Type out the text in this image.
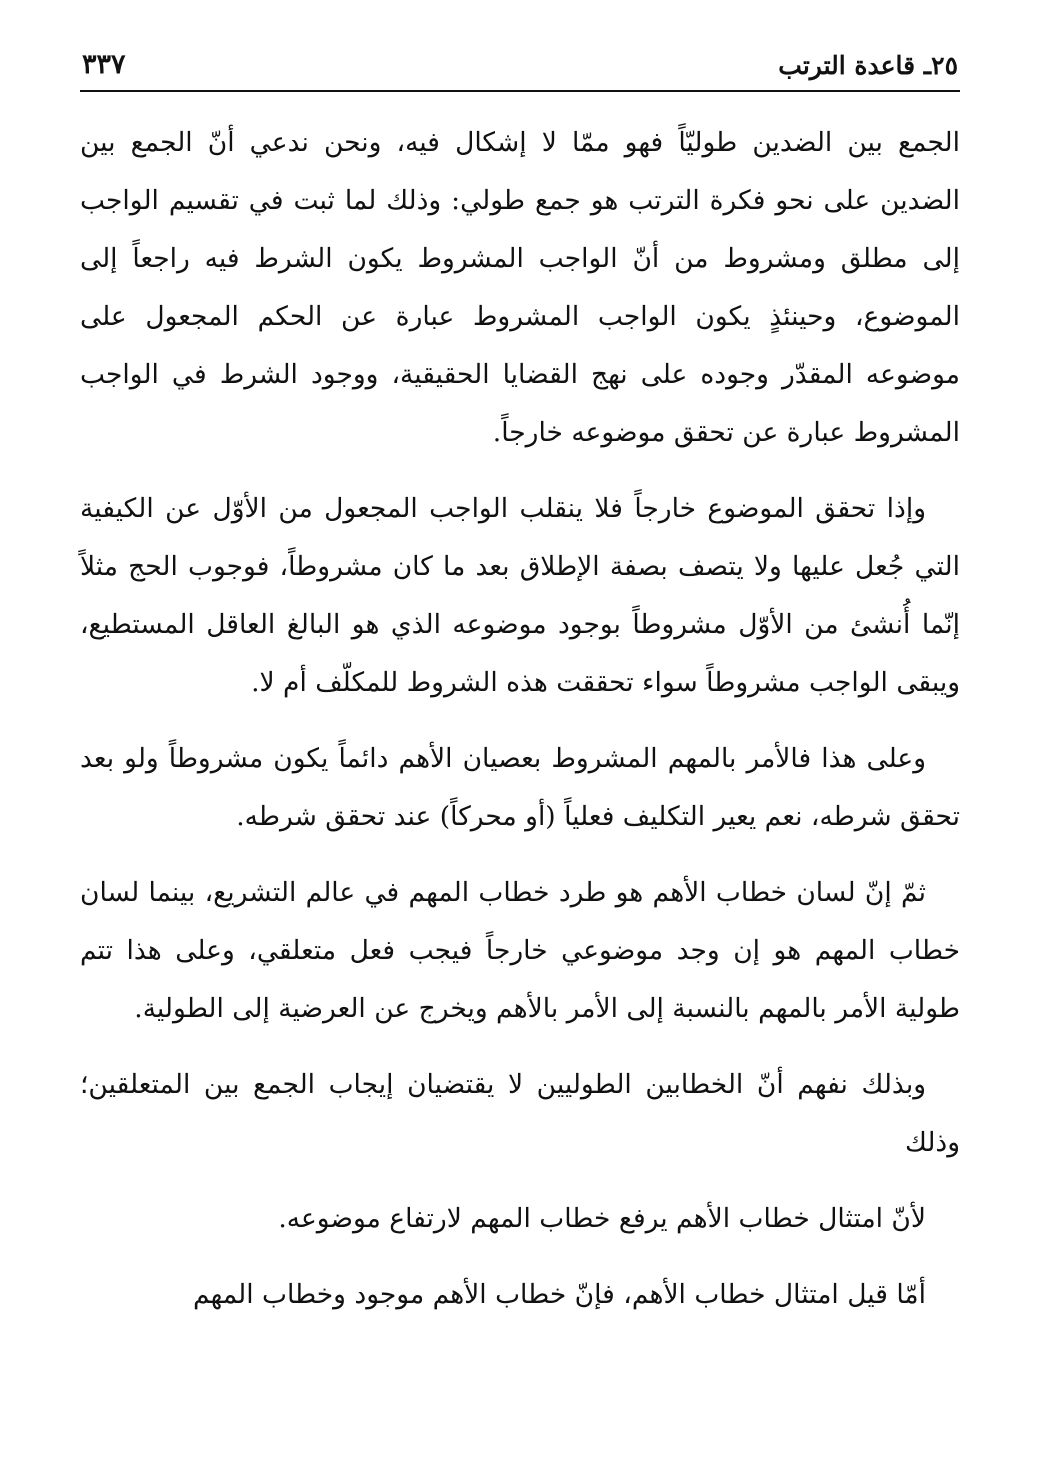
٢٥ـ قاعدة الترتب
٣٣٧

الجمع بين الضدين طوليّاً فهو ممّا لا إشكال فيه، ونحن ندعي أنّ الجمع بين الضدين على نحو فكرة الترتب هو جمع طولي: وذلك لما ثبت في تقسيم الواجب إلى مطلق ومشروط من أنّ الواجب المشروط يكون الشرط فيه راجعاً إلى الموضوع، وحينئذٍ يكون الواجب المشروط عبارة عن الحكم المجعول على موضوعه المقدّر وجوده على نهج القضايا الحقيقية، ووجود الشرط في الواجب المشروط عبارة عن تحقق موضوعه خارجاً.

وإذا تحقق الموضوع خارجاً فلا ينقلب الواجب المجعول من الأوّل عن الكيفية التي جُعل عليها ولا يتصف بصفة الإطلاق بعد ما كان مشروطاً، فوجوب الحج مثلاً إنّما أُنشئ من الأوّل مشروطاً بوجود موضوعه الذي هو البالغ العاقل المستطيع، ويبقى الواجب مشروطاً سواء تحققت هذه الشروط للمكلّف أم لا.

وعلى هذا فالأمر بالمهم المشروط بعصيان الأهم دائماً يكون مشروطاً ولو بعد تحقق شرطه، نعم يعير التكليف فعلياً (أو محركاً) عند تحقق شرطه.

ثمّ إنّ لسان خطاب الأهم هو طرد خطاب المهم في عالم التشريع، بينما لسان خطاب المهم هو إن وجد موضوعي خارجاً فيجب فعل متعلقي، وعلى هذا تتم طولية الأمر بالمهم بالنسبة إلى الأمر بالأهم ويخرج عن العرضية إلى الطولية.

وبذلك نفهم أنّ الخطابين الطوليين لا يقتضيان إيجاب الجمع بين المتعلقين؛ وذلك

لأنّ امتثال خطاب الأهم يرفع خطاب المهم لارتفاع موضوعه.

أمّا قيل امتثال خطاب الأهم، فإنّ خطاب الأهم موجود وخطاب المهم
